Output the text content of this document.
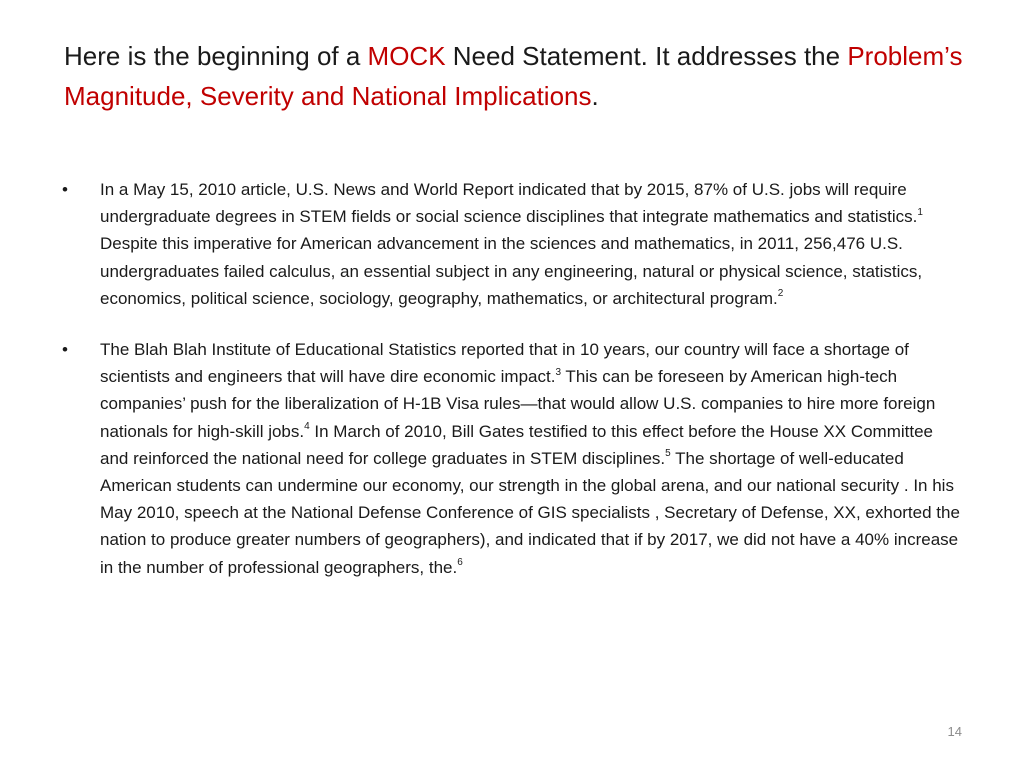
Here is the beginning of a MOCK Need Statement. It addresses the Problem’s Magnitude, Severity and National Implications.
• In a May 15, 2010 article, U.S. News and World Report indicated that by 2015, 87% of U.S. jobs will require undergraduate degrees in STEM fields or social science disciplines that integrate mathematics and statistics.$^1$ Despite this imperative for American advancement in the sciences and mathematics, in 2011, 256,476 U.S. undergraduates failed calculus, an essential subject in any engineering, natural or physical science, statistics, economics, political science, sociology, geography, mathematics, or architectural program.$^2$
• The Blah Blah Institute of Educational Statistics reported that in 10 years, our country will face a shortage of scientists and engineers that will have dire economic impact.$^3$ This can be foreseen by American high-tech companies’ push for the liberalization of H-1B Visa rules—that would allow U.S. companies to hire more foreign nationals for high-skill jobs.$^4$ In March of 2010, Bill Gates testified to this effect before the House XX Committee and reinforced the national need for college graduates in STEM disciplines.$^5$ The shortage of well-educated American students can undermine our economy, our strength in the global arena, and our national security . In his May 2010, speech at the National Defense Conference of GIS specialists , Secretary of Defense, XX, exhorted the nation to produce greater numbers of geographers), and indicated that if by 2017, we did not have a 40% increase in the number of professional geographers, the.$^6$
14
